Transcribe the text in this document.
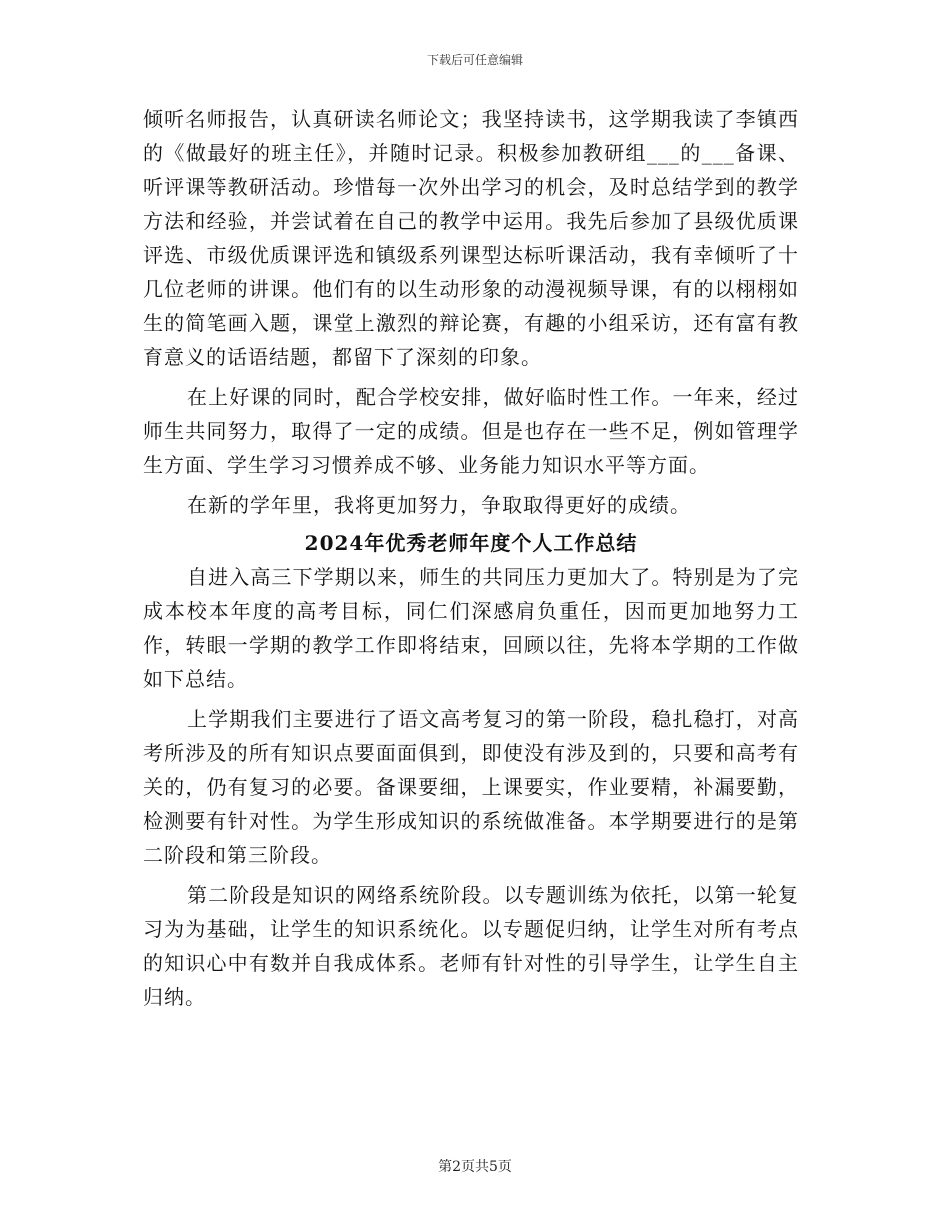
下载后可任意编辑

倾听名师报告，认真研读名师论文；我坚持读书，这学期我读了李镇西的《做最好的班主任》，并随时记录。积极参加教研组___的___备课、听评课等教研活动。珍惜每一次外出学习的机会，及时总结学到的教学方法和经验，并尝试着在自己的教学中运用。我先后参加了县级优质课评选、市级优质课评选和镇级系列课型达标听课活动，我有幸倾听了十几位老师的讲课。他们有的以生动形象的动漫视频导课，有的以栩栩如生的简笔画入题，课堂上激烈的辩论赛，有趣的小组采访，还有富有教育意义的话语结题，都留下了深刻的印象。

在上好课的同时，配合学校安排，做好临时性工作。一年来，经过师生共同努力，取得了一定的成绩。但是也存在一些不足，例如管理学生方面、学生学习习惯养成不够、业务能力知识水平等方面。

在新的学年里，我将更加努力，争取取得更好的成绩。

2024年优秀老师年度个人工作总结

自进入高三下学期以来，师生的共同压力更加大了。特别是为了完成本校本年度的高考目标，同仁们深感肩负重任，因而更加地努力工作，转眼一学期的教学工作即将结束，回顾以往，先将本学期的工作做如下总结。

上学期我们主要进行了语文高考复习的第一阶段，稳扎稳打，对高考所涉及的所有知识点要面面俱到，即使没有涉及到的，只要和高考有关的，仍有复习的必要。备课要细，上课要实，作业要精，补漏要勤，检测要有针对性。为学生形成知识的系统做准备。本学期要进行的是第二阶段和第三阶段。

第二阶段是知识的网络系统阶段。以专题训练为依托，以第一轮复习为为基础，让学生的知识系统化。以专题促归纳，让学生对所有考点的知识心中有数并自我成体系。老师有针对性的引导学生，让学生自主归纳。

第2页共5页
